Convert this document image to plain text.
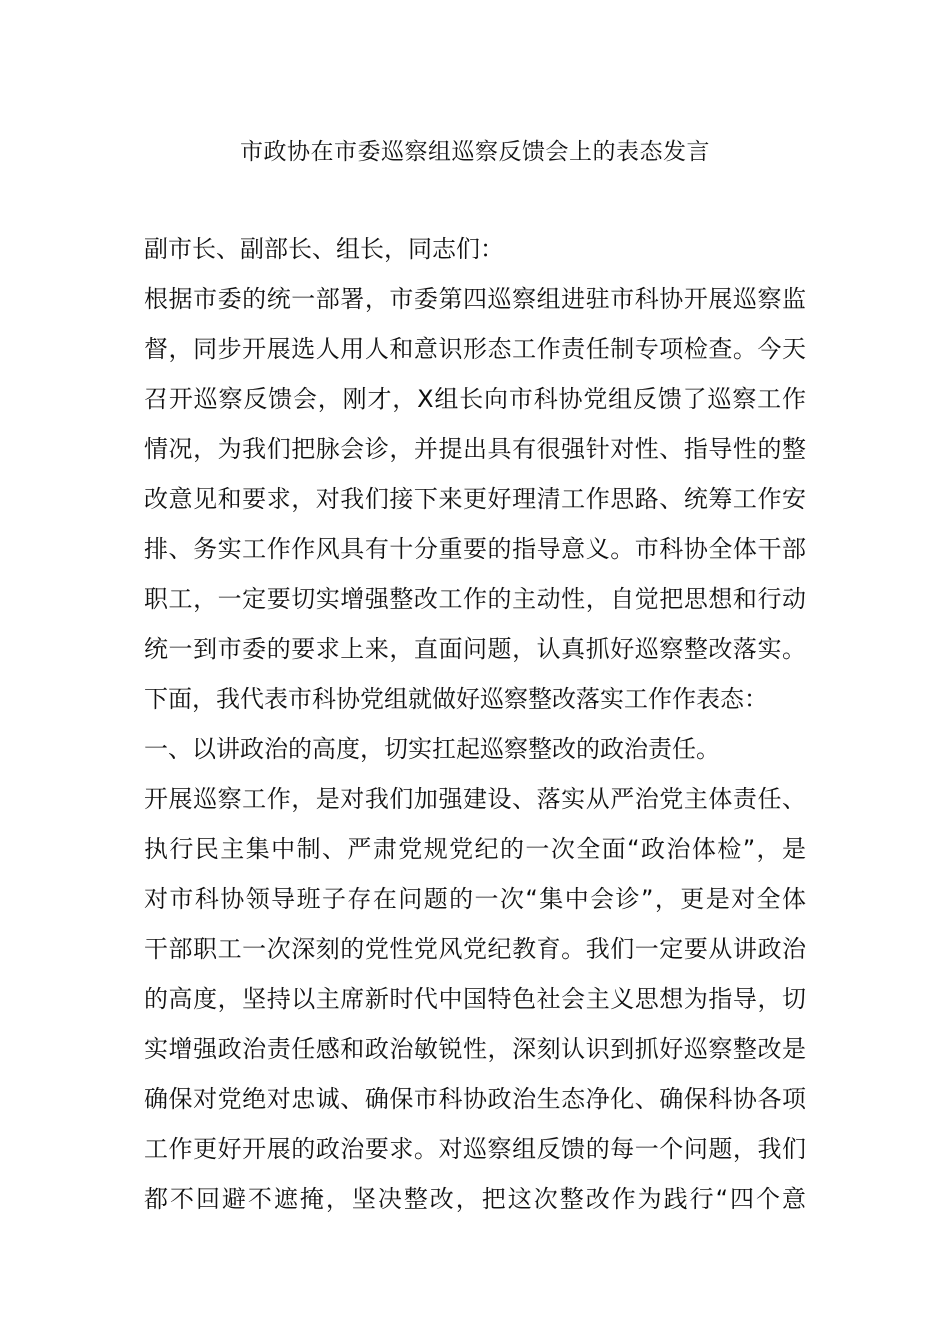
市政协在市委巡察组巡察反馈会上的表态发言
副市长、副部长、组长，同志们：
根据市委的统一部署，市委第四巡察组进驻市科协开展巡察监
督，同步开展选人用人和意识形态工作责任制专项检查。今天
召开巡察反馈会，刚才，X组长向市科协党组反馈了巡察工作
情况，为我们把脉会诊，并提出具有很强针对性、指导性的整
改意见和要求，对我们接下来更好理清工作思路、统筹工作安
排、务实工作作风具有十分重要的指导意义。市科协全体干部
职工，一定要切实增强整改工作的主动性，自觉把思想和行动
统一到市委的要求上来，直面问题，认真抓好巡察整改落实。
下面，我代表市科协党组就做好巡察整改落实工作作表态：
一、以讲政治的高度，切实扛起巡察整改的政治责任。
开展巡察工作，是对我们加强建设、落实从严治党主体责任、
执行民主集中制、严肃党规党纪的一次全面“政治体检”，是
对市科协领导班子存在问题的一次“集中会诊”，更是对全体
干部职工一次深刻的党性党风党纪教育。我们一定要从讲政治
的高度，坚持以主席新时代中国特色社会主义思想为指导，切
实增强政治责任感和政治敏锐性，深刻认识到抓好巡察整改是
确保对党绝对忠诚、确保市科协政治生态净化、确保科协各项
工作更好开展的政治要求。对巡察组反馈的每一个问题，我们
都不回避不遮掩，坚决整改，把这次整改作为践行“四个意
